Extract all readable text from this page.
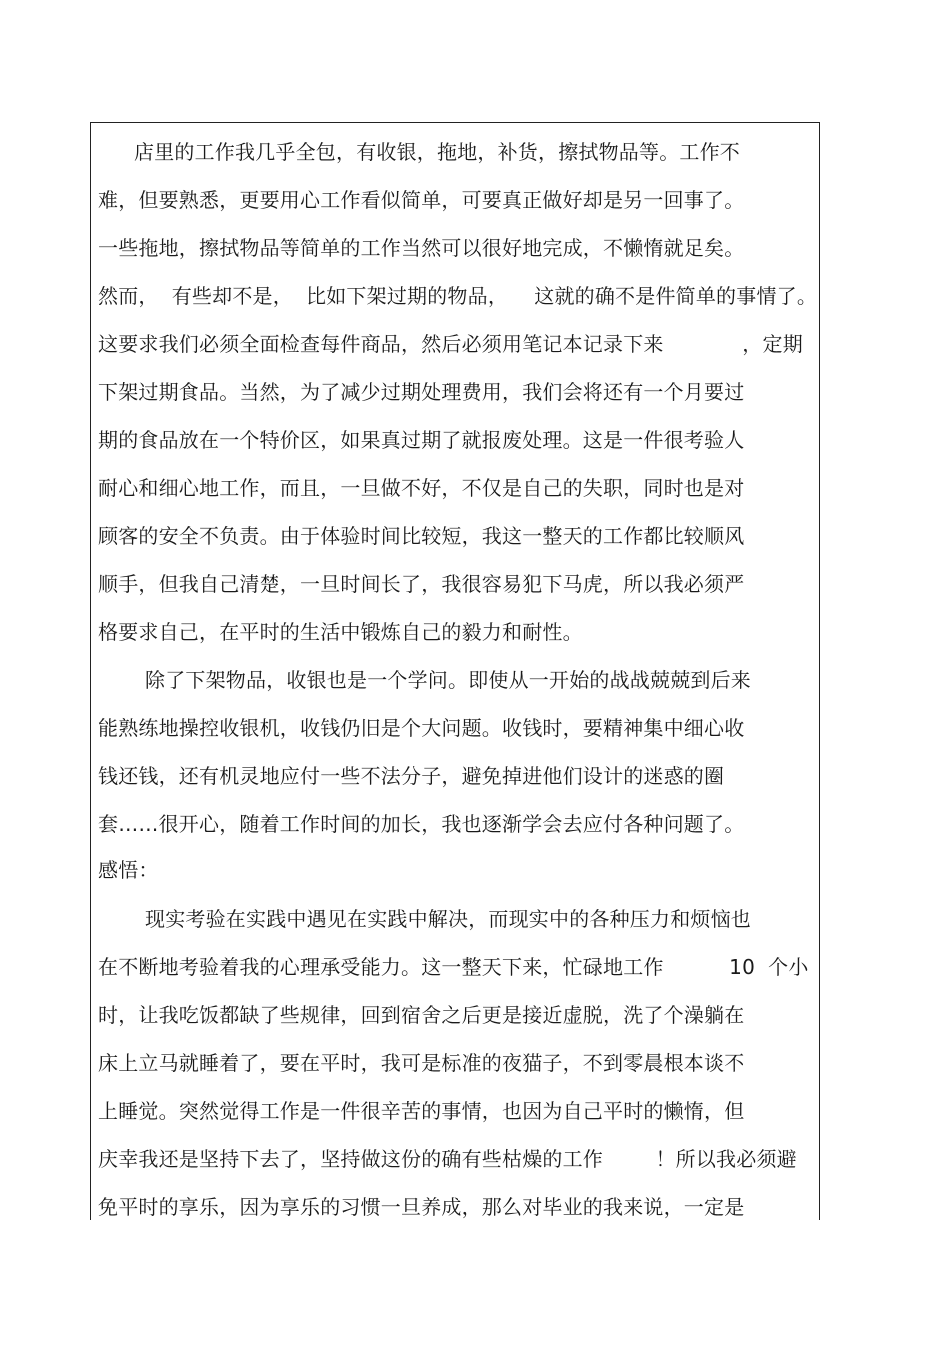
店里的工作我几乎全包，有收银，拖地，补货，擦拭物品等。工作不
难，但要熟悉，更要用心工作看似简单，可要真正做好却是另一回事了。
一些拖地，擦拭物品等简单的工作当然可以很好地完成，不懒惰就足矣。
然而，  有些却不是，  比如下架过期的物品，    这就的确不是件简单的事情了。
这要求我们必须全面检查每件商品，然后必须用笔记本记录下来            ，定期
下架过期食品。当然，为了减少过期处理费用，我们会将还有一个月要过
期的食品放在一个特价区，如果真过期了就报废处理。这是一件很考验人
耐心和细心地工作，而且，一旦做不好，不仅是自己的失职，同时也是对
顾客的安全不负责。由于体验时间比较短，我这一整天的工作都比较顺风
顺手，但我自己清楚，一旦时间长了，我很容易犯下马虎，所以我必须严
格要求自己，在平时的生活中锻炼自己的毅力和耐性。
除了下架物品，收银也是一个学问。即使从一开始的战战兢兢到后来
能熟练地操控收银机，收钱仍旧是个大问题。收钱时，要精神集中细心收
钱还钱，还有机灵地应付一些不法分子，避免掉进他们设计的迷惑的圈
套……很开心，随着工作时间的加长，我也逐渐学会去应付各种问题了。
感悟：
现实考验在实践中遇见在实践中解决，而现实中的各种压力和烦恼也
在不断地考验着我的心理承受能力。这一整天下来，忙碌地工作          10  个小
时，让我吃饭都缺了些规律，回到宿舍之后更是接近虚脱，洗了个澡躺在
床上立马就睡着了，要在平时，我可是标准的夜猫子，不到零晨根本谈不
上睡觉。突然觉得工作是一件很辛苦的事情，也因为自己平时的懒惰，但
庆幸我还是坚持下去了，坚持做这份的确有些枯燥的工作        ！所以我必须避
免平时的享乐，因为享乐的习惯一旦养成，那么对毕业的我来说，一定是
